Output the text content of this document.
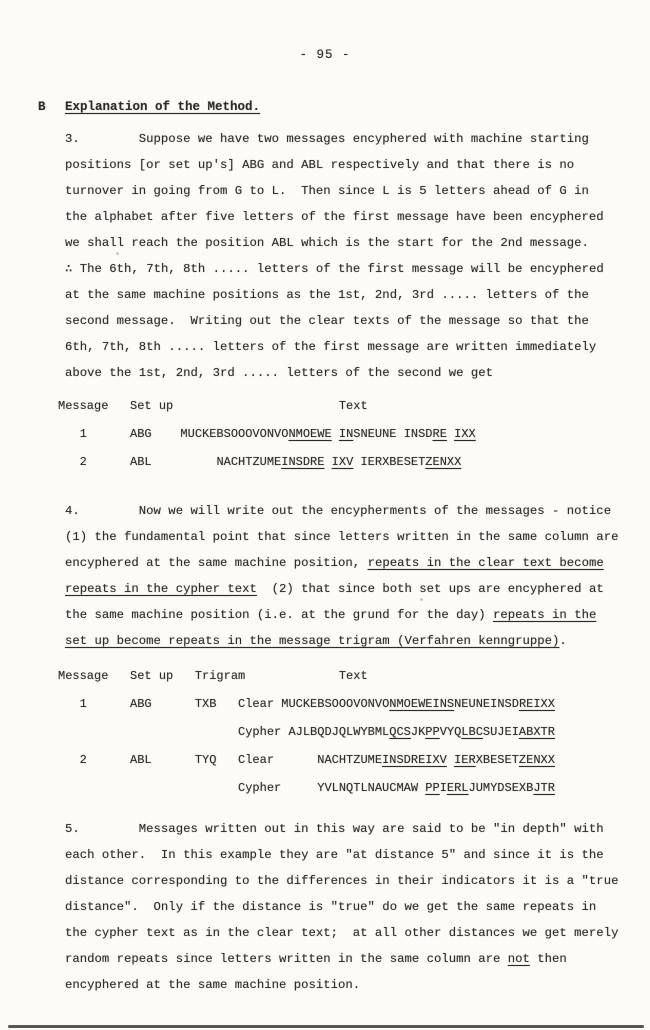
- 95 -
B Explanation of the Method.
3.        Suppose we have two messages encyphered with machine starting
positions [or set up's] ABG and ABL respectively and that there is no
turnover in going from G to L.  Then since L is 5 letters ahead of G in
the alphabet after five letters of the first message have been encyphered
we shall reach the position ABL which is the start for the 2nd message.
∴ The 6th, 7th, 8th ..... letters of the first message will be encyphered
at the same machine positions as the 1st, 2nd, 3rd ..... letters of the
second message.  Writing out the clear texts of the message so that the
6th, 7th, 8th ..... letters of the first message are written immediately
above the 1st, 2nd, 3rd ..... letters of the second we get
Message   Set up                       Text
1      ABG    MUCKEBSOOOVONVONMOEWE INSNEUNE INSDRE IXX
2      ABL         NACHTZUMEINSDRE IXV IERXBESETZENXX
4.        Now we will write out the encypherments of the messages - notice
(1) the fundamental point that since letters written in the same column are
encyphered at the same machine position, repeats in the clear text become
repeats in the cypher text  (2) that since both set ups are encyphered at
the same machine position (i.e. at the grund for the day) repeats in the
set up become repeats in the message trigram (Verfahren kenngruppe).
Message   Set up   Trigram             Text
1      ABG      TXB   Clear MUCKEBSOOOVONVONMOEWEINSNEUNEINSDREIXX
Cypher AJLBQDJQLWYBMLQCSJKPPVYQLBCSUJEIABXTR
2      ABL      TYQ   Clear      NACHTZUMEINSDREIXV IERXBESETZENXX
Cypher     YVLNQTLNAUCMAW PPIERLJUMYDSEXBJTR
5.        Messages written out in this way are said to be "in depth" with
each other.  In this example they are "at distance 5" and since it is the
distance corresponding to the differences in their indicators it is a "true
distance".  Only if the distance is "true" do we get the same repeats in
the cypher text as in the clear text;  at all other distances we get merely
random repeats since letters written in the same column are not then
encyphered at the same machine position.
